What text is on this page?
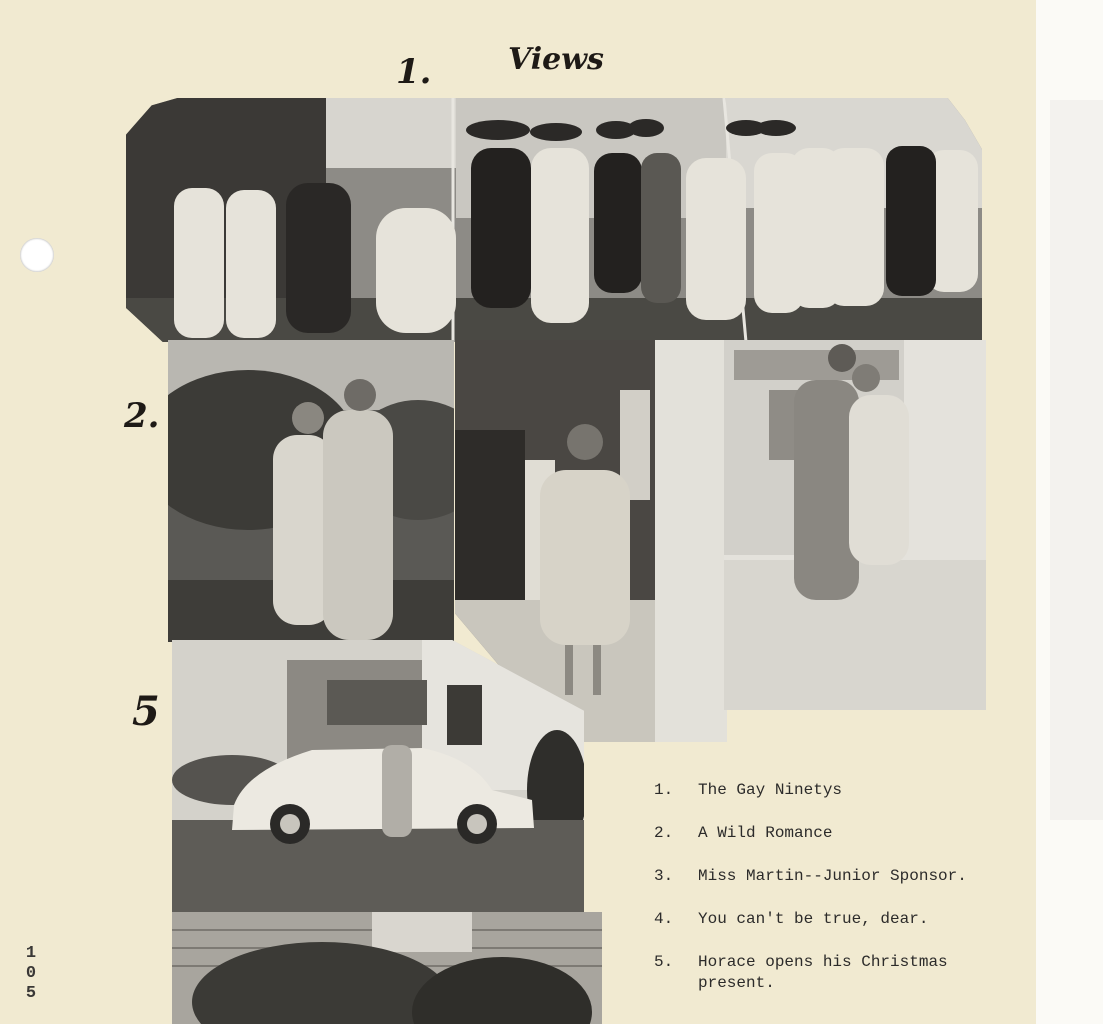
Views
1.
2.
5
1.	The Gay Ninetys
2.	A Wild Romance
3.	Miss Martin--Junior Sponsor.
4.	You can't be true, dear.
5.	Horace opens his Christmas present.
105
